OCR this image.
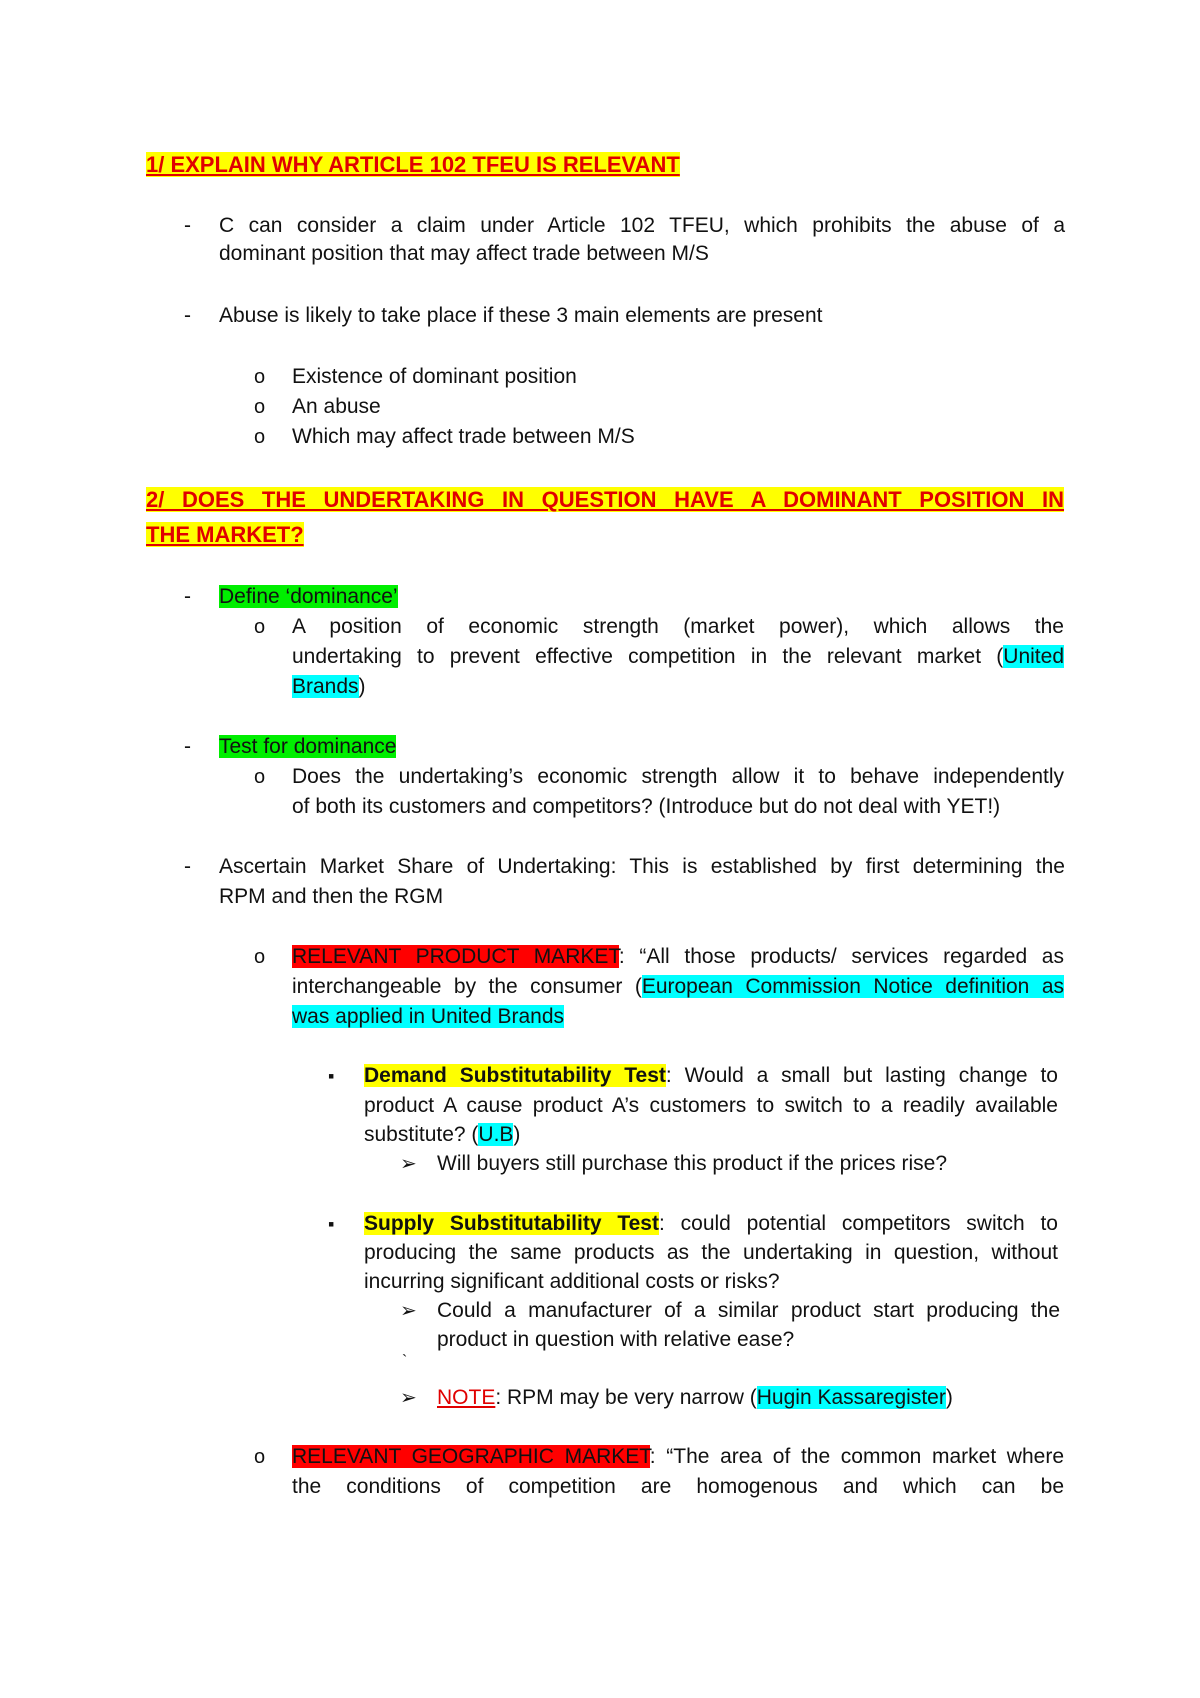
1/ EXPLAIN WHY ARTICLE 102 TFEU IS RELEVANT
- C can consider a claim under Article 102 TFEU, which prohibits the abuse of a
dominant position that may affect trade between M/S
- Abuse is likely to take place if these 3 main elements are present
o Existence of dominant position
o An abuse
o Which may affect trade between M/S
2/ DOES THE UNDERTAKING IN QUESTION HAVE A DOMINANT POSITION IN
THE MARKET?
- Define ‘dominance’
o A position of economic strength (market power), which allows the
undertaking to prevent effective competition in the relevant market (United
Brands)
- Test for dominance
o Does the undertaking’s economic strength allow it to behave independently
of both its customers and competitors? (Introduce but do not deal with YET!)
- Ascertain Market Share of Undertaking: This is established by first determining the
RPM and then the RGM
o RELEVANT PRODUCT MARKET: “All those products/ services regarded as
interchangeable by the consumer (European Commission Notice definition as
was applied in United Brands
▪ Demand Substitutability Test: Would a small but lasting change to
product A cause product A’s customers to switch to a readily available
substitute? (U.B)
➢ Will buyers still purchase this product if the prices rise?
▪ Supply Substitutability Test: could potential competitors switch to
producing the same products as the undertaking in question, without
incurring significant additional costs or risks?
➢ Could a manufacturer of a similar product start producing the
product in question with relative ease?
`
➢ NOTE: RPM may be very narrow (Hugin Kassaregister)
o RELEVANT GEOGRAPHIC MARKET: “The area of the common market where
the conditions of competition are homogenous and which can be
